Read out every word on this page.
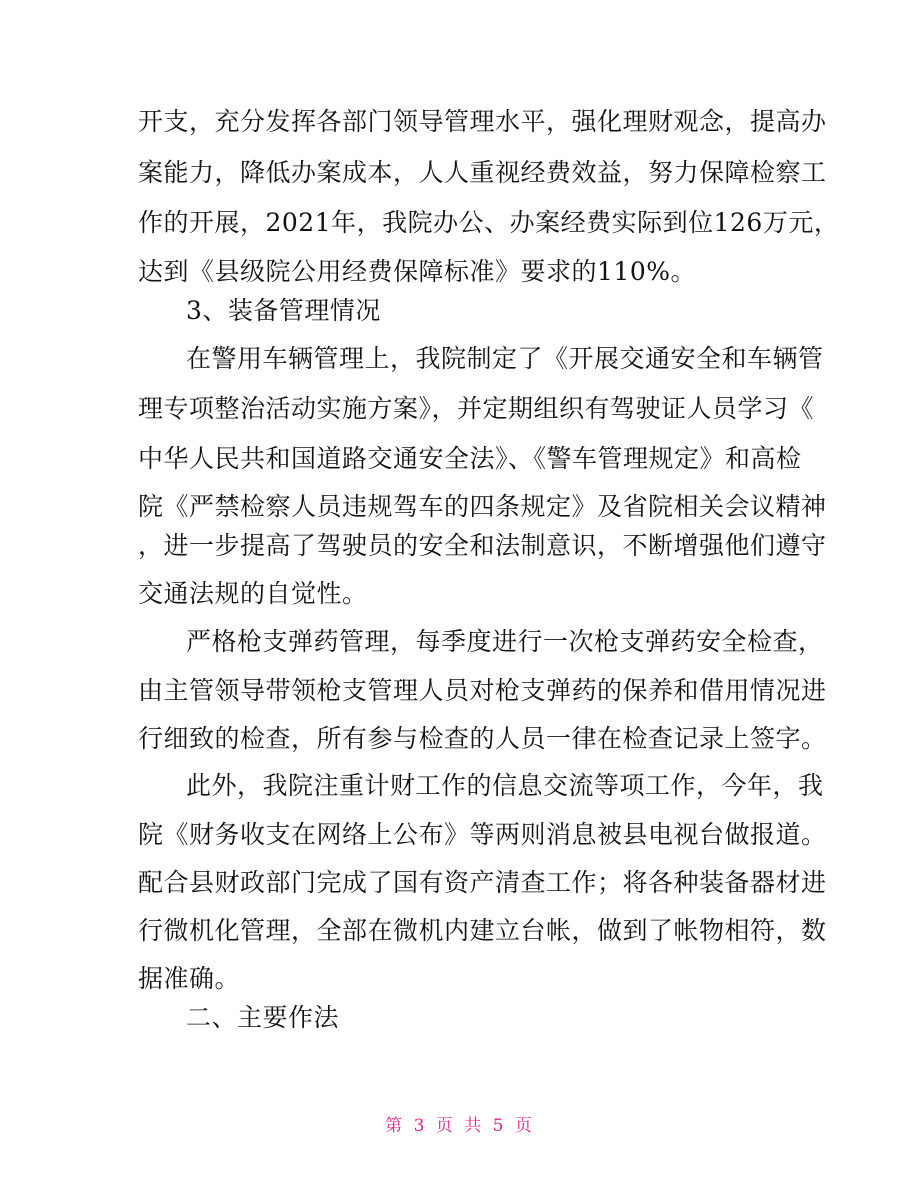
开支，充分发挥各部门领导管理水平，强化理财观念，提高办
案能力，降低办案成本，人人重视经费效益，努力保障检察工
作的开展，2021年，我院办公、办案经费实际到位126万元，
达到《县级院公用经费保障标准》要求的110%。
3、装备管理情况
在警用车辆管理上，我院制定了《开展交通安全和车辆管
理专项整治活动实施方案》，并定期组织有驾驶证人员学习《
中华人民共和国道路交通安全法》、《警车管理规定》和高检
院《严禁检察人员违规驾车的四条规定》及省院相关会议精神
，进一步提高了驾驶员的安全和法制意识，不断增强他们遵守
交通法规的自觉性。
严格枪支弹药管理，每季度进行一次枪支弹药安全检查，
由主管领导带领枪支管理人员对枪支弹药的保养和借用情况进
行细致的检查，所有参与检查的人员一律在检查记录上签字。
此外，我院注重计财工作的信息交流等项工作，今年，我
院《财务收支在网络上公布》等两则消息被县电视台做报道。
配合县财政部门完成了国有资产清查工作；将各种装备器材进
行微机化管理，全部在微机内建立台帐，做到了帐物相符，数
据准确。
二、主要作法
第 3 页 共 5 页
